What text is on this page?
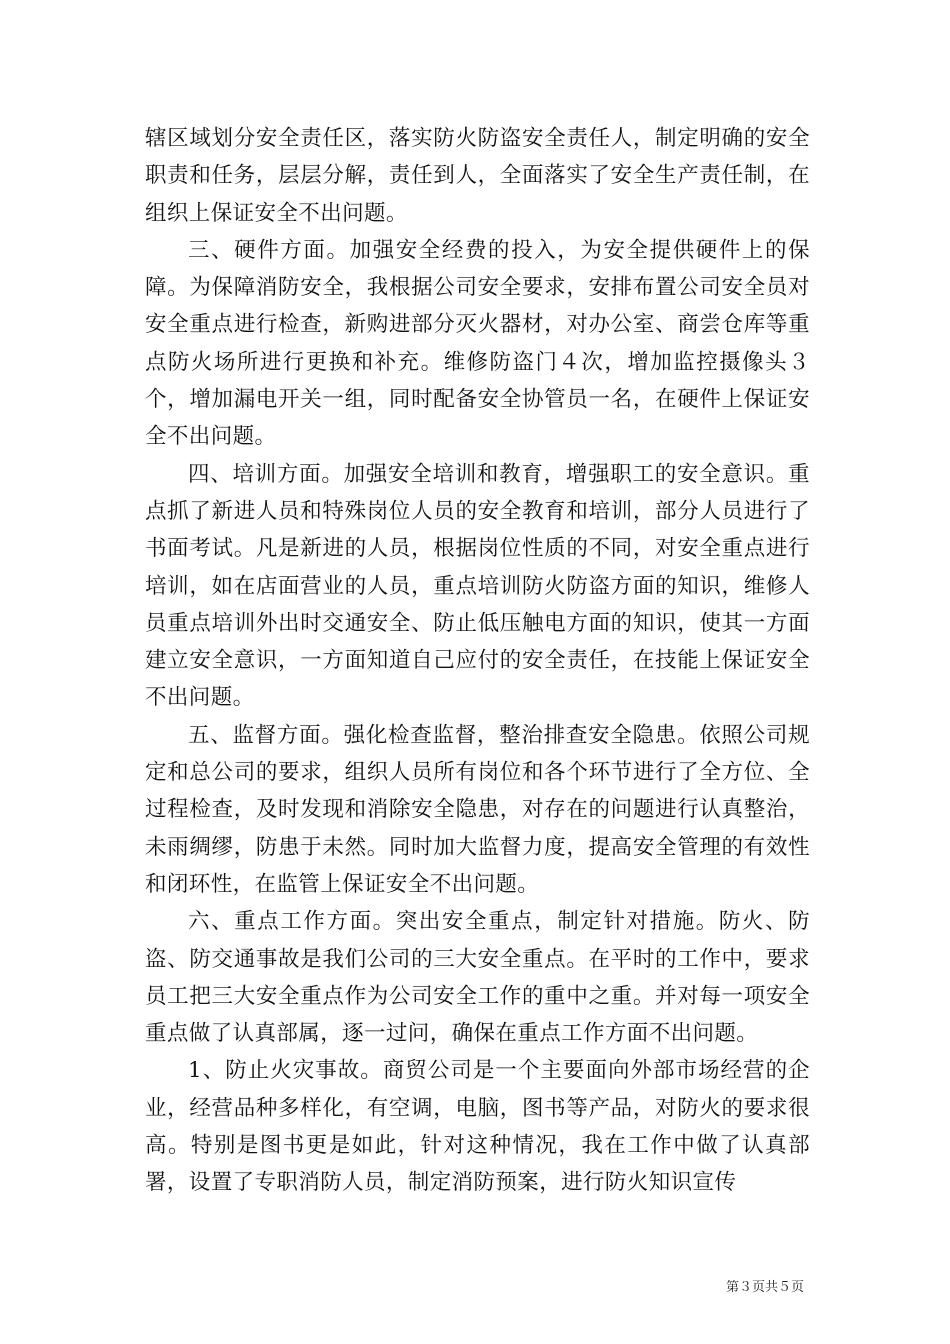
辖区域划分安全责任区，落实防火防盗安全责任人，制定明确的安全职责和任务，层层分解，责任到人，全面落实了安全生产责任制，在组织上保证安全不出问题。

三、硬件方面。加强安全经费的投入，为安全提供硬件上的保障。为保障消防安全，我根据公司安全要求，安排布置公司安全员对安全重点进行检查，新购进部分灭火器材，对办公室、商尝仓库等重点防火场所进行更换和补充。维修防盗门４次，增加监控摄像头３个，增加漏电开关一组，同时配备安全协管员一名，在硬件上保证安全不出问题。

四、培训方面。加强安全培训和教育，增强职工的安全意识。重点抓了新进人员和特殊岗位人员的安全教育和培训，部分人员进行了书面考试。凡是新进的人员，根据岗位性质的不同，对安全重点进行培训，如在店面营业的人员，重点培训防火防盗方面的知识，维修人员重点培训外出时交通安全、防止低压触电方面的知识，使其一方面建立安全意识，一方面知道自己应付的安全责任，在技能上保证安全不出问题。

五、监督方面。强化检查监督，整治排查安全隐患。依照公司规定和总公司的要求，组织人员所有岗位和各个环节进行了全方位、全过程检查，及时发现和消除安全隐患，对存在的问题进行认真整治，未雨绸缪，防患于未然。同时加大监督力度，提高安全管理的有效性和闭环性，在监管上保证安全不出问题。

六、重点工作方面。突出安全重点，制定针对措施。防火、防盗、防交通事故是我们公司的三大安全重点。在平时的工作中，要求员工把三大安全重点作为公司安全工作的重中之重。并对每一项安全重点做了认真部属，逐一过问，确保在重点工作方面不出问题。

1、防止火灾事故。商贸公司是一个主要面向外部市场经营的企业，经营品种多样化，有空调，电脑，图书等产品，对防火的要求很高。特别是图书更是如此，针对这种情况，我在工作中做了认真部署，设置了专职消防人员，制定消防预案，进行防火知识宣传

第３页共５页
